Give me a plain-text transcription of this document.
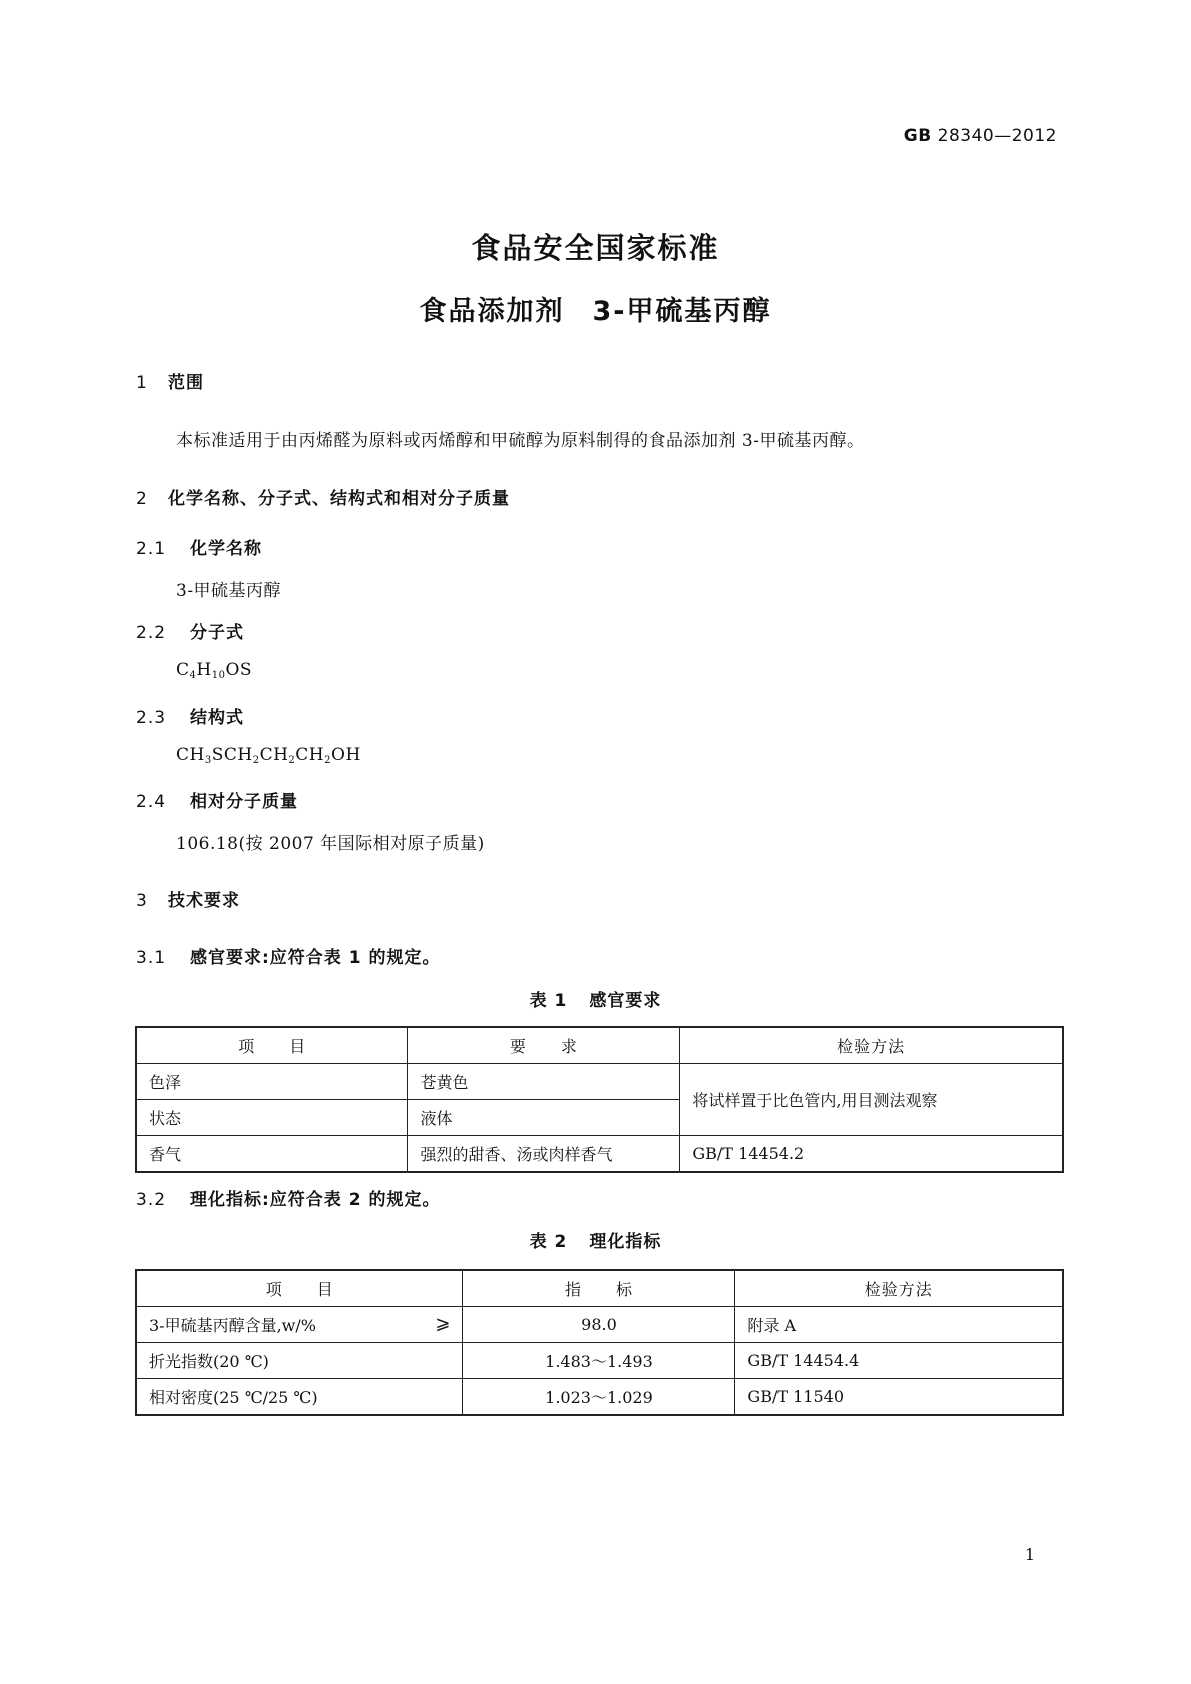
GB 28340—2012
食品安全国家标准
食品添加剂 3-甲硫基丙醇
1 范围

本标准适用于由丙烯醛为原料或丙烯醇和甲硫醇为原料制得的食品添加剂 3-甲硫基丙醇。

2 化学名称、分子式、结构式和相对分子质量
2.1 化学名称

3-甲硫基丙醇

2.2 分子式

$C_4H_{10}OS$

2.3 结构式

$CH_3SCH_2CH_2CH_2OH$

2.4 相对分子质量

106.18(按 2007 年国际相对原子质量)

3 技术要求
3.1 感官要求:应符合表 1 的规定。
表 1 感官要求
项　　目	要　　求	检验方法
色泽	苍黄色	将试样置于比色管内,用目测法观察
状态	液体	
香气	强烈的甜香、汤或肉样香气	GB/T 14454.2
3.2 理化指标:应符合表 2 的规定。
表 2 理化指标
项　　目	指　　标	检验方法
3-甲硫基丙醇含量,w/% ⩾	98.0	附录 A
折光指数(20 ℃)	1.483～1.493	GB/T 14454.4
相对密度(25 ℃/25 ℃)	1.023～1.029	GB/T 11540
1
